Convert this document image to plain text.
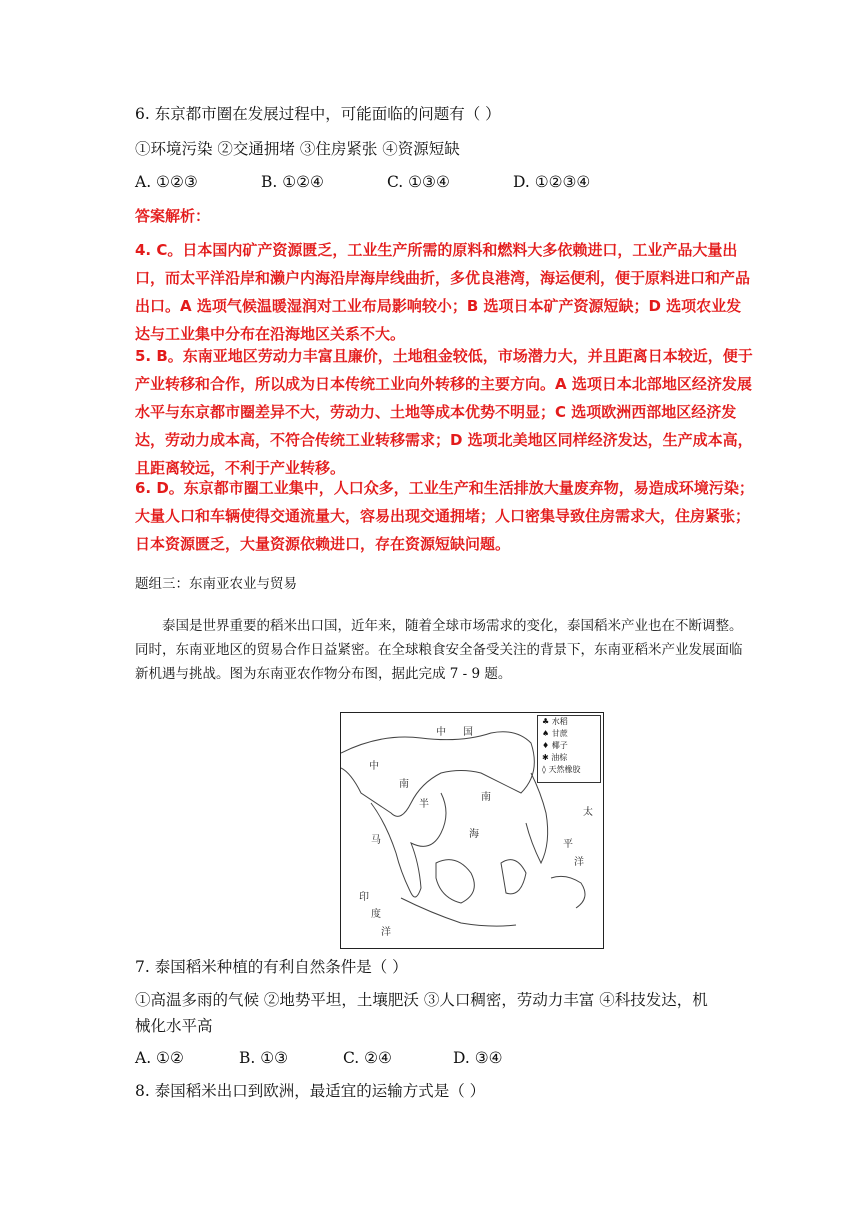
6. 东京都市圈在发展过程中，可能面临的问题有（ ）
①环境污染 ②交通拥堵 ③住房紧张 ④资源短缺
A. ①②③	B. ①②④	C. ①③④	D. ①②③④
答案解析：
4. C。日本国内矿产资源匮乏，工业生产所需的原料和燃料大多依赖进口，工业产品大量出口，而太平洋沿岸和濑户内海沿岸海岸线曲折，多优良港湾，海运便利，便于原料进口和产品出口。A 选项气候温暖湿润对工业布局影响较小；B 选项日本矿产资源短缺；D 选项农业发达与工业集中分布在沿海地区关系不大。
5. B。东南亚地区劳动力丰富且廉价，土地租金较低，市场潜力大，并且距离日本较近，便于产业转移和合作，所以成为日本传统工业向外转移的主要方向。A 选项日本北部地区经济发展水平与东京都市圈差异不大，劳动力、土地等成本优势不明显；C 选项欧洲西部地区经济发达，劳动力成本高，不符合传统工业转移需求；D 选项北美地区同样经济发达，生产成本高，且距离较远，不利于产业转移。
6. D。东京都市圈工业集中，人口众多，工业生产和生活排放大量废弃物，易造成环境污染；大量人口和车辆使得交通流量大，容易出现交通拥堵；人口密集导致住房需求大，住房紧张；日本资源匮乏，大量资源依赖进口，存在资源短缺问题。
题组三：东南亚农业与贸易
泰国是世界重要的稻米出口国，近年来，随着全球市场需求的变化，泰国稻米产业也在不断调整。同时，东南亚地区的贸易合作日益紧密。在全球粮食安全备受关注的背景下，东南亚稻米产业发展面临新机遇与挑战。图为东南亚农作物分布图，据此完成 7 - 9 题。
中 国
中
南
半
南
海
太
平
洋
印
度
洋
马
♣ 水稻
♠ 甘蔗
♦ 椰子
✱ 油棕
◊ 天然橡胶
7. 泰国稻米种植的有利自然条件是（ ）
①高温多雨的气候 ②地势平坦，土壤肥沃 ③人口稠密，劳动力丰富 ④科技发达，机
械化水平高
A. ①②	B. ①③	C. ②④	D. ③④
8. 泰国稻米出口到欧洲，最适宜的运输方式是（ ）
